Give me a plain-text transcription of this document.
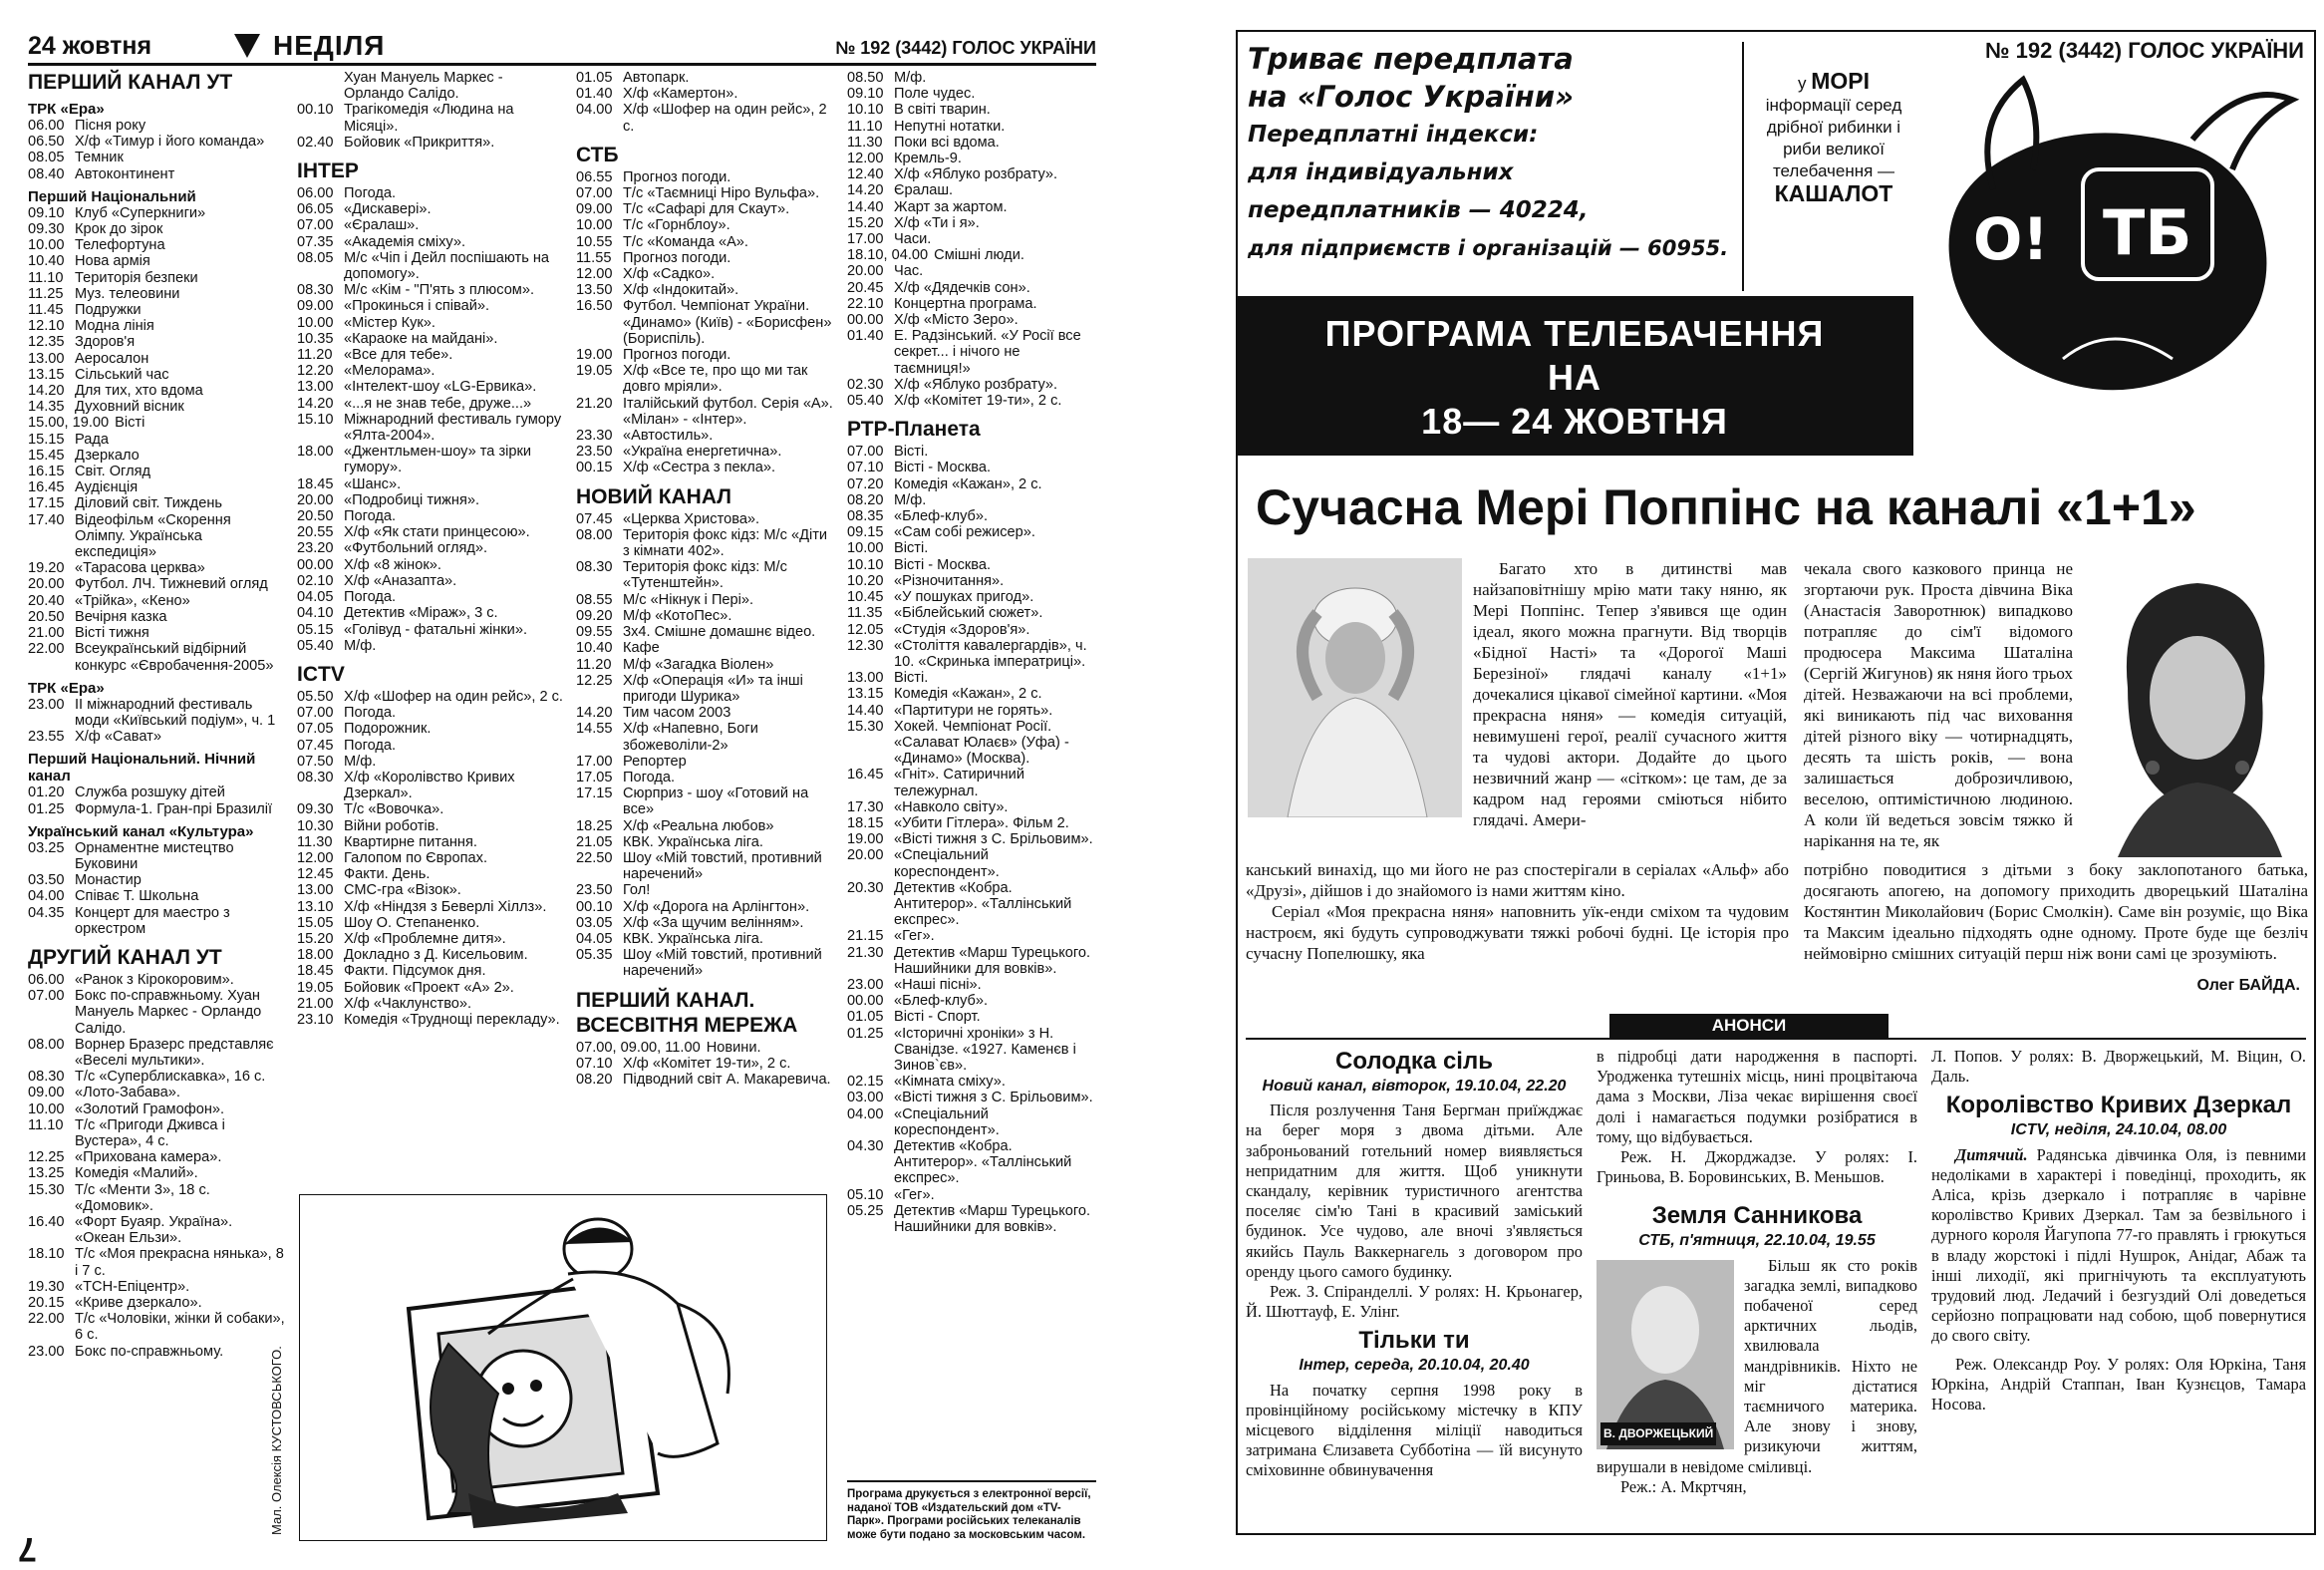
24 жовтня	НЕДІЛЯ	№ 192 (3442) ГОЛОС УКРАЇНИ
ПЕРШИЙ КАНАЛ УТ
ТРК «Ера»
06.00 Пісня року
06.50 Х/ф «Тимур і його команда»
08.05 Темник
08.40 Автоконтинент
Перший Національний
09.10 Клуб «Суперкниги»
09.30 Крок до зірок
10.00 Телефортуна
10.40 Нова армія
11.10 Територія безпеки
11.25 Муз. телеовини
11.45 Подружки
12.10 Модна лінія
12.35 Здоров'я
13.00 Аеросалон
13.15 Сільський час
14.20 Для тих, хто вдома
14.35 Духовний вісник
15.00, 19.00 Вісті
15.15 Рада
15.45 Дзеркало
16.15 Світ. Огляд
16.45 Аудієнція
17.15 Діловий світ. Тиждень
17.40 Відеофільм «Скорення Олімпу. Українська експедиція»
19.20 «Тарасова церква»
20.00 Футбол. ЛЧ. Тижневий огляд
20.40 «Трійка», «Кено»
20.50 Вечірня казка
21.00 Вісті тижня
22.00 Всеукраїнський відбірний конкурс «Євробачення-2005»
ТРК «Ера»
23.00 ІІ міжнародний фестиваль моди «Київський подіум», ч. 1
23.55 Х/ф «Сават»
Перший Національний. Нічний канал
01.20 Служба розшуку дітей
01.25 Формула-1. Гран-прі Бразилії
Український канал «Культура»
03.25 Орнаментне мистецтво Буковини
03.50 Монастир
04.00 Співає Т. Школьна
04.35 Концерт для маестро з оркестром
ДРУГИЙ КАНАЛ УТ
06.00 «Ранок з Кірокоровим».
07.00 Бокс по-справжньому. Хуан Мануель Маркес - Орландо Салідо.
08.00 Ворнер Бразерс представляє «Веселі мультики».
08.30 Т/с «Суперблискавка», 16 с.
09.00 «Лото-Забава».
10.00 «Золотий Грамофон».
11.10 Т/с «Пригоди Дживса і Вустера», 4 с.
12.25 «Прихована камера».
13.25 Комедія «Малий».
15.30 Т/с «Менти 3», 18 с. «Домовик».
16.40 «Форт Буаяр. Україна». «Океан Ельзи».
18.10 Т/с «Моя прекрасна нянька», 8 і 7 с.
19.30 «ТСН-Епіцентр».
20.15 «Криве дзеркало».
22.00 Т/с «Чоловіки, жінки й собаки», 6 с.
23.00 Бокс по-справжньому.
Хуан Мануель Маркес - Орландо Салідо.
00.10 Трагікомедія «Людина на Місяці».
02.40 Бойовик «Прикриття».
ІНТЕР
06.00 Погода.
06.05 «Дискавері».
07.00 «Єралаш».
07.35 «Академія сміху».
08.05 М/с «Чіп і Дейл поспішають на допомогу».
08.30 М/с «Кім - "П'ять з плюсом».
09.00 «Прокинься і співай».
10.00 «Містер Кук».
10.35 «Караоке на майдані».
11.20 «Все для тебе».
12.20 «Мелорама».
13.00 «Інтелект-шоу «LG-Ервика».
14.20 «...я не знав тебе, друже...»
15.10 Міжнародний фестиваль гумору «Ялта-2004».
18.00 «Джентльмен-шоу» та зірки гумору».
18.45 «Шанс».
20.00 «Подробиці тижня».
20.50 Погода.
20.55 Х/ф «Як стати принцесою».
23.20 «Футбольний огляд».
00.00 Х/ф «8 жінок».
02.10 Х/ф «Аназапта».
04.05 Погода.
04.10 Детектив «Міраж», 3 с.
05.15 «Голівуд - фатальні жінки».
05.40 М/ф.
ICTV
05.50 Х/ф «Шофер на один рейс», 2 с.
07.00 Погода.
07.05 Подорожник.
07.45 Погода.
07.50 М/ф.
08.30 Х/ф «Королівство Кривих Дзеркал».
09.30 Т/с «Вовочка».
10.30 Війни роботів.
11.30 Квартирне питання.
12.00 Галопом по Європах.
12.45 Факти. День.
13.00 СМС-гра «Візок».
13.10 Х/ф «Ніндзя з Беверлі Хіллз».
15.05 Шоу О. Степаненко.
15.20 Х/ф «Проблемне дитя».
18.00 Докладно з Д. Кисельовим.
18.45 Факти. Підсумок дня.
19.05 Бойовик «Проект «А» 2».
21.00 Х/ф «Чаклунство».
23.10 Комедія «Труднощі перекладу».
01.05 Автопарк.
01.40 Х/ф «Камертон».
04.00 Х/ф «Шофер на один рейс», 2 с.
СТБ
06.55 Прогноз погоди.
07.00 Т/с «Таємниці Ніро Вульфа».
09.00 Т/с «Сафарі для Скаут».
10.00 Т/с «Горнблоу».
10.55 Т/с «Команда «А».
11.55 Прогноз погоди.
12.00 Х/ф «Садко».
13.50 Х/ф «Індокитай».
16.50 Футбол. Чемпіонат України. «Динамо» (Київ) - «Борисфен» (Бориспіль).
19.00 Прогноз погоди.
19.05 Х/ф «Все те, про що ми так довго мріяли».
21.20 Італійський футбол. Серія «А». «Мілан» - «Інтер».
23.30 «Автостиль».
23.50 «Україна енергетична».
00.15 Х/ф «Сестра з пекла».
НОВИЙ КАНАЛ
07.45 «Церква Христова».
08.00 Територія фокс кідз: М/с «Діти з кімнати 402».
08.30 Територія фокс кідз: М/с «Тутенштейн».
08.55 М/с «Нікнук і Пері».
09.20 М/ф «КотоПес».
09.55 3х4. Смішне домашнє відео.
10.40 Кафе
11.20 М/ф «Загадка Віолен»
12.25 Х/ф «Операція «И» та інші пригоди Шурика»
14.20 Тим часом 2003
14.55 Х/ф «Напевно, Боги збожеволіли-2»
17.00 Репортер
17.05 Погода.
17.15 Сюрприз - шоу «Готовий на все»
18.25 Х/ф «Реальна любов»
21.05 КВК. Українська ліга.
22.50 Шоу «Мій товстий, противний наречений»
23.50 Гол!
00.10 Х/ф «Дорога на Арлінгтон».
03.05 Х/ф «За щучим велінням».
04.05 КВК. Українська ліга.
05.35 Шоу «Мій товстий, противний наречений»
ПЕРШИЙ КАНАЛ. ВСЕСВІТНЯ МЕРЕЖА
07.00, 09.00, 11.00 Новини.
07.10 Х/ф «Комітет 19-ти», 2 с.
08.20 Підводний світ А. Макаревича.
08.50 М/ф.
09.10 Поле чудес.
10.10 В світі тварин.
11.10 Непутні нотатки.
11.30 Поки всі вдома.
12.00 Кремль-9.
12.40 Х/ф «Яблуко розбрату».
14.20 Єралаш.
14.40 Жарт за жартом.
15.20 Х/ф «Ти і я».
17.00 Часи.
18.10, 04.00 Смішні люди.
20.00 Час.
20.45 Х/ф «Дядечків сон».
22.10 Концертна програма.
00.00 Х/ф «Місто Зеро».
01.40 Е. Радзінський. «У Росії все секрет... і нічого не таємниця!»
02.30 Х/ф «Яблуко розбрату».
05.40 Х/ф «Комітет 19-ти», 2 с.
РТР-Планета
07.00 Вісті.
07.10 Вісті - Москва.
07.20 Комедія «Кажан», 2 с.
08.20 М/ф.
08.35 «Блеф-клуб».
09.15 «Сам собі режисер».
10.00 Вісті.
10.10 Вісті - Москва.
10.20 «Різночитання».
10.45 «У пошуках пригод».
11.35 «Біблейський сюжет».
12.05 «Студія «Здоров'я».
12.30 «Століття кавалергардів», ч. 10. «Скринька імператриці».
13.00 Вісті.
13.15 Комедія «Кажан», 2 с.
14.40 «Партитури не горять».
15.30 Хокей. Чемпіонат Росії. «Салават Юлаєв» (Уфа) - «Динамо» (Москва).
16.45 «Гніт». Сатиричний тележурнал.
17.30 «Навколо світу».
18.15 «Убити Гітлера». Фільм 2.
19.00 «Вісті тижня з С. Брільовим».
20.00 «Спеціальний кореспондент».
20.30 Детектив «Кобра. Антитерор». «Таллінський експрес».
21.15 «Гег».
21.30 Детектив «Марш Турецького. Нашийники для вовків».
23.00 «Наші пісні».
00.00 «Блеф-клуб».
01.05 Вісті - Спорт.
01.25 «Історичні хроніки» з Н. Сванідзе. «1927. Каменєв і Зинов`єв».
02.15 «Кімната сміху».
03.00 «Вісті тижня з С. Брільовим».
04.00 «Спеціальний кореспондент».
04.30 Детектив «Кобра. Антитерор». «Таллінський експрес».
05.10 «Гег».
05.25 Детектив «Марш Турецького. Нашийники для вовків».
Мал. Олексія КУСТОВСЬКОГО.	Програма друкується з електронної версії, наданої ТОВ «Издательский дом «TV-Парк». Програми російських телеканалів може бути подано за московським часом.
7
Триває передплата
на «Голос України»
Передплатні індекси:
для індивідуальних
передплатників — 40224,
для підприємств і організацій — 60955.
№ 192 (3442) ГОЛОС УКРАЇНИ
у МОРІ
інформації серед дрібної рибинки і риби великої телебачення —
КАШАЛОТ
О! ТБ
ПРОГРАМА ТЕЛЕБАЧЕННЯ
НА
18— 24 ЖОВТНЯ
Сучасна Мері Поппінс на каналі «1+1»

Багато хто в дитинстві мав найзаповітнішу мрію мати таку няню, як Мері Поппінс. Тепер з'явився ще один ідеал, якого можна прагнути. Від творців «Бідної Насті» та «Дорогої Маші Березіної» глядачі каналу «1+1» дочекалися цікавої сімейної картини. «Моя прекрасна няня» — комедія ситуацій, невимушені герої, реалії сучасного життя та чудові актори. Додайте до цього незвичний жанр — «сітком»: це там, де за кадром над героями сміються нібито глядачі. Амери-

канський винахід, що ми його не раз спостерігали в серіалах «Альф» або «Друзі», дійшов і до знайомого із нами життям кіно.

Серіал «Моя прекрасна няня» наповнить уїк-енди сміхом та чудовим настроєм, які будуть супроводжувати тяжкі робочі будні. Це історія про сучасну Попелюшку, яка

чекала свого казкового принца не згортаючи рук. Проста дівчина Віка (Анастасія Заворотнюк) випадково потрапляє до сім'ї відомого продюсера Максима Шаталіна (Сергій Жигунов) як няня його трьох дітей. Незважаючи на всі проблеми, які виникають під час виховання дітей різного віку — чотирнадцять, десять та шість років, — вона залишається доброзичливою, веселою, оптимістичною людиною. А коли їй ведеться зовсім тяжко й нарікання на те, як

потрібно поводитися з дітьми з боку заклопотаного батька, досягають апогею, на допомогу приходить дворецький Шаталіна Костянтин Миколайович (Борис Смолкін). Саме він розуміє, що Віка та Максим ідеально підходять одне одному. Проте буде ще безліч неймовірно смішних ситуацій перш ніж вони самі це зрозуміють.

Олег БАЙДА.
АНОНСИ
Солодка сіль
Новий канал, вівторок, 19.10.04, 22.20

Після розлучення Таня Бергман приїжджає на берег моря з двома дітьми. Але заброньований готельний номер виявляється непридатним для життя. Щоб уникнути скандалу, керівник туристичного агентства поселяє сім'ю Тані в красивий заміський будинок. Усе чудово, але вночі з'являється якийсь Пауль Ваккернагель з договором про оренду цього самого будинку.

Реж. З. Спіранделлі. У ролях: Н. Крьонагер, Й. Шюттауф, Е. Улінг.

Тільки ти
Інтер, середа, 20.10.04, 20.40

На початку серпня 1998 року в провінційному російському містечку в КПУ місцевого відділення міліції наводиться затримана Єлизавета Субботіна — їй висунуто сміховинне обвинувачення

в підробці дати народження в паспорті. Уродженка тутешніх місць, нині процвітаюча дама з Москви, Ліза чекає вирішення своєї долі і намагається подумки розібратися в тому, що відбувається.

Реж. Н. Джорджадзе. У ролях: І. Гриньова, В. Боровинських, В. Меньшов.

Земля Санникова
СТБ, п'ятниця, 22.10.04, 19.55
В. ДВОРЖЕЦЬКИЙ

Більш як сто років загадка землі, випадково побаченої серед арктичних льодів, хвилювала мандрівників. Ніхто не міг дістатися таємничого материка. Але знову і знову, ризикуючи життям, вирушали в невідоме сміливці.

Реж.: А. Мкртчян,

Л. Попов. У ролях: В. Дворжецький, М. Віцин, О. Даль.

Королівство Кривих Дзеркал
ICTV, неділя, 24.10.04, 08.00

Дитячий. Радянська дівчинка Оля, із певними недоліками в характері і поведінці, проходить, як Аліса, крізь дзеркало і потрапляє в чарівне королівство Кривих Дзеркал. Там за безвільного і дурного короля Йагупопа 77-го правлять і грюкуться в владу жорстокі і підлі Нушрок, Анідаг, Абаж та інші лиходії, які пригнічують та експлуатують трудовий люд. Ледачий і безгуздий Олі доведеться серйозно попрацювати над собою, щоб повернутися до свого світу.

Реж. Олександр Роу. У ролях: Оля Юркіна, Таня Юркіна, Андрій Стаппан, Іван Кузнєцов, Тамара Носова.
